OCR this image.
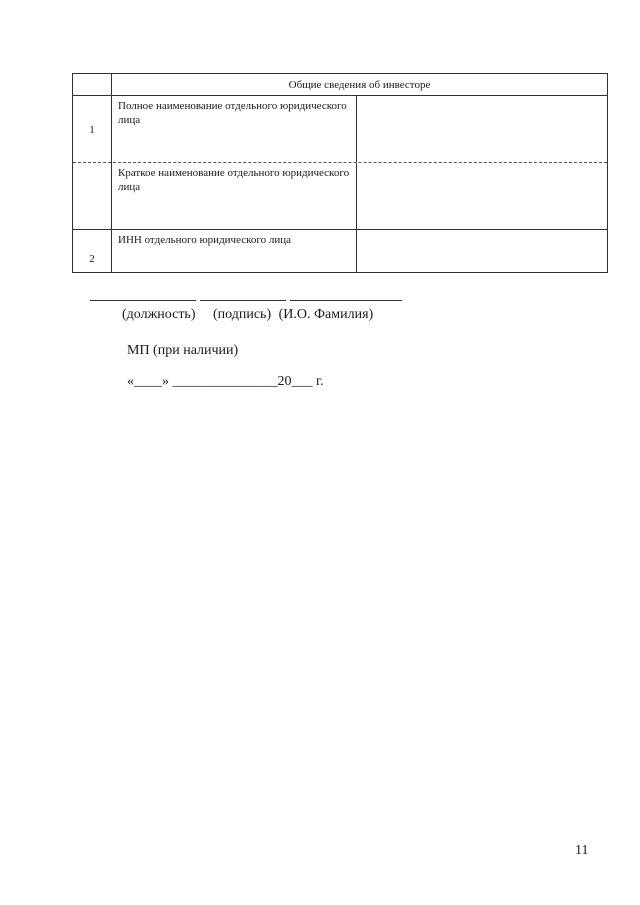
Общие сведения об инвесторе
1
Полное наименование отдельного юридического лица
Краткое наименование отдельного юридического лица
2
ИНН отдельного юридического лица
(должность) (подпись) (И.О. Фамилия)
МП (при наличии)
«____» _______________20___ г.
11
